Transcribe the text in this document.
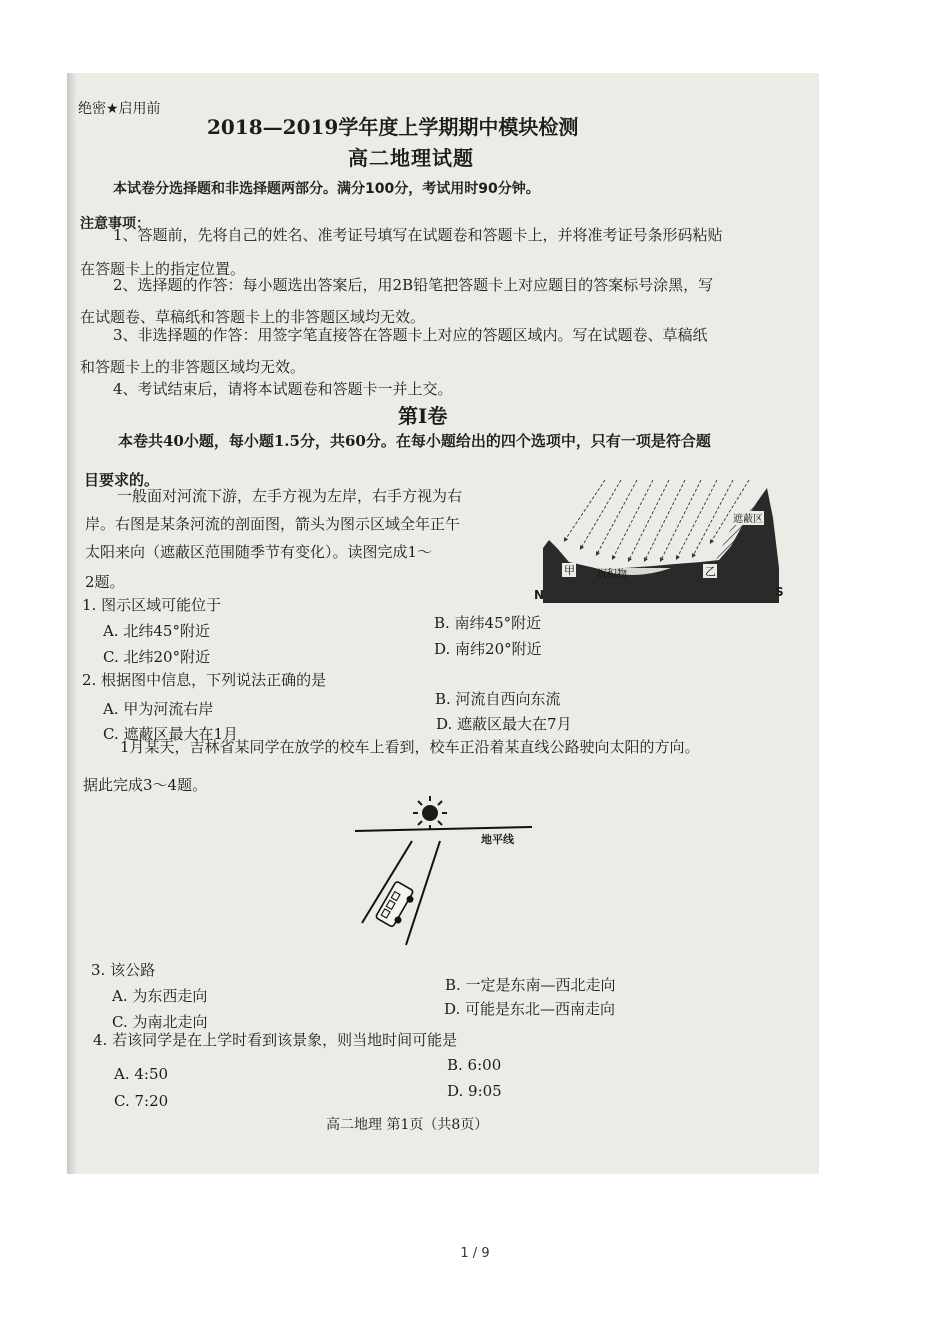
绝密★启用前
2018—2019学年度上学期期中模块检测
高二地理试题
本试卷分选择题和非选择题两部分。满分100分，考试用时90分钟。
注意事项：
1、答题前，先将自己的姓名、准考证号填写在试题卷和答题卡上，并将准考证号条形码粘贴
在答题卡上的指定位置。
2、选择题的作答：每小题选出答案后，用2B铅笔把答题卡上对应题目的答案标号涂黑，写
在试题卷、草稿纸和答题卡上的非答题区域均无效。
3、非选择题的作答：用签字笔直接答在答题卡上对应的答题区域内。写在试题卷、草稿纸
和答题卡上的非答题区域均无效。
4、考试结束后，请将本试题卷和答题卡一并上交。
第Ⅰ卷
本卷共40小题，每小题1.5分，共60分。在每小题给出的四个选项中，只有一项是符合题
目要求的。
一般面对河流下游，左手方视为左岸，右手方视为右
岸。右图是某条河流的剖面图，箭头为图示区域全年正午
太阳来向（遮蔽区范围随季节有变化）。读图完成1～
2题。
遮蔽区
甲	乙
沉积物
N	S
1. 图示区域可能位于
A. 北纬45°附近	B. 南纬45°附近
C. 北纬20°附近	D. 南纬20°附近
2. 根据图中信息，下列说法正确的是
A. 甲为河流右岸
B. 河流自西向东流
C. 遮蔽区最大在1月
D. 遮蔽区最大在7月
1月某天，吉林省某同学在放学的校车上看到，校车正沿着某直线公路驶向太阳的方向。
据此完成3～4题。
地平线
3. 该公路
A. 为东西走向
B. 一定是东南—西北走向
C. 为南北走向
D. 可能是东北—西南走向
4. 若该同学是在上学时看到该景象，则当地时间可能是
A. 4:50	B. 6:00
C. 7:20
D. 9:05
高二地理 第1页（共8页）
1 / 9
